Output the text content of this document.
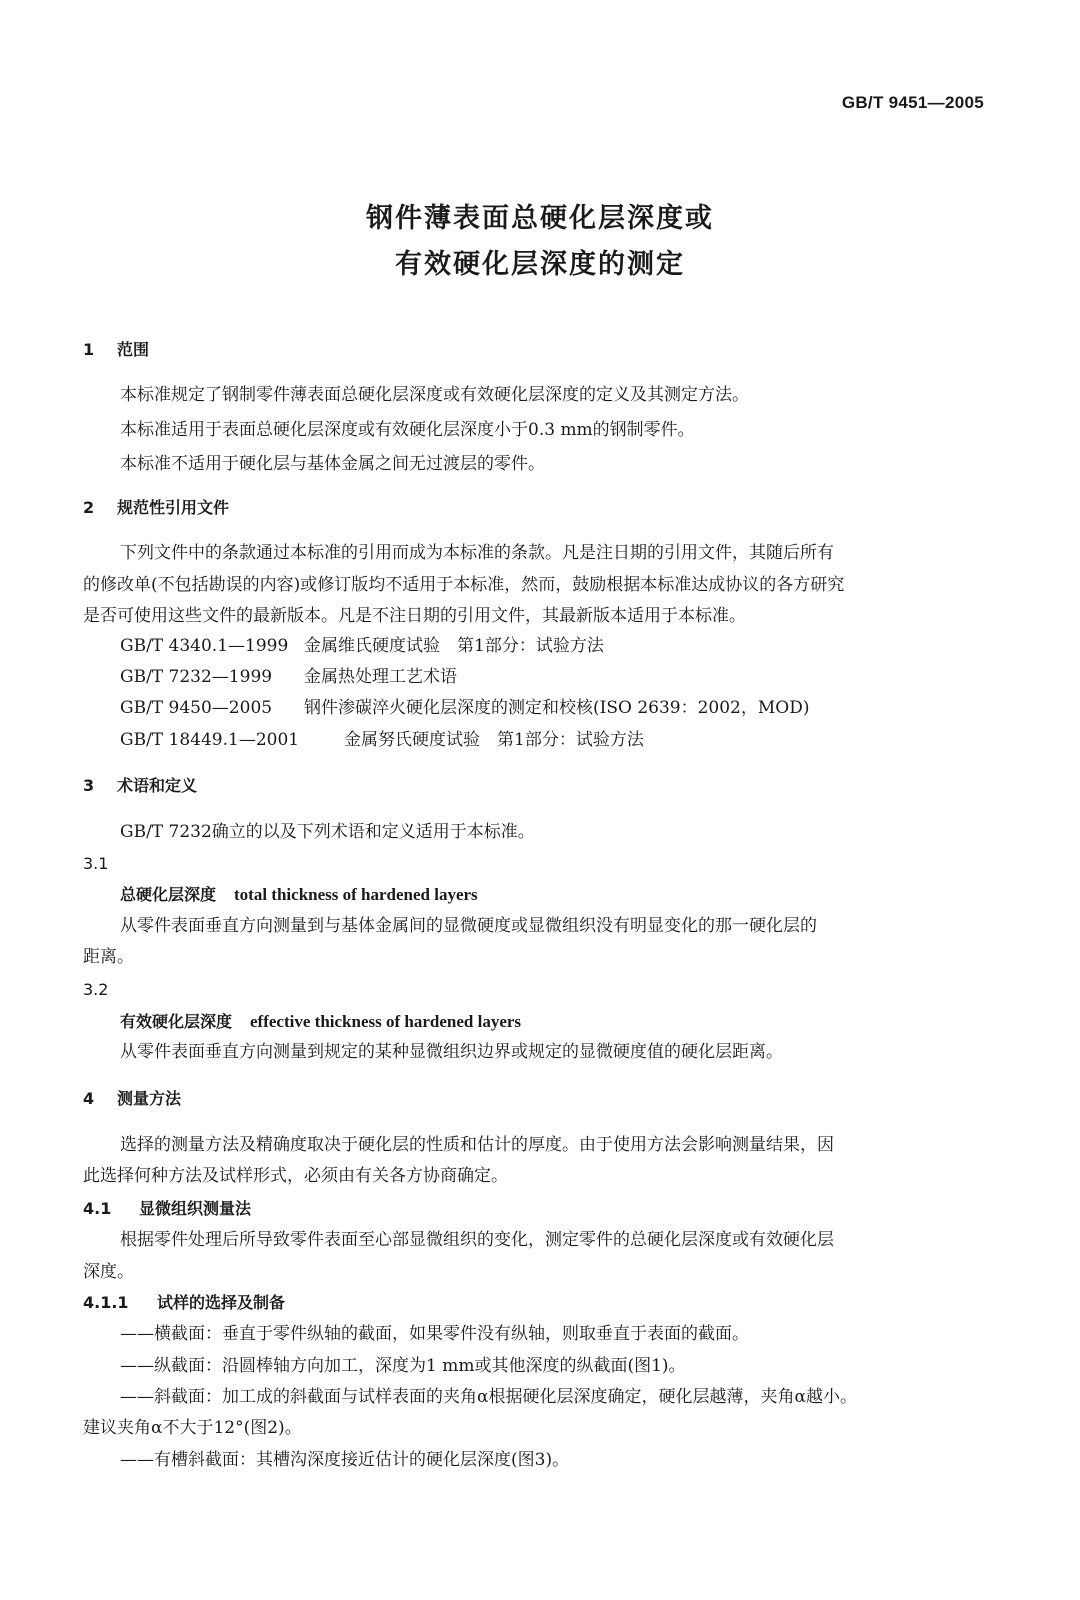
GB/T 9451—2005
钢件薄表面总硬化层深度或
有效硬化层深度的测定
1 范围
本标准规定了钢制零件薄表面总硬化层深度或有效硬化层深度的定义及其测定方法。
本标准适用于表面总硬化层深度或有效硬化层深度小于0.3 mm的钢制零件。
本标准不适用于硬化层与基体金属之间无过渡层的零件。
2 规范性引用文件
下列文件中的条款通过本标准的引用而成为本标准的条款。凡是注日期的引用文件，其随后所有
的修改单(不包括勘误的内容)或修订版均不适用于本标准，然而，鼓励根据本标准达成协议的各方研究
是否可使用这些文件的最新版本。凡是不注日期的引用文件，其最新版本适用于本标准。
GB/T 4340.1—1999 金属维氏硬度试验　第1部分：试验方法
GB/T 7232—1999 金属热处理工艺术语
GB/T 9450—2005 钢件渗碳淬火硬化层深度的测定和校核(ISO 2639：2002，MOD)
GB/T 18449.1—2001	金属努氏硬度试验　第1部分：试验方法
3 术语和定义
GB/T 7232确立的以及下列术语和定义适用于本标准。
3.1
总硬化层深度 total thickness of hardened layers
从零件表面垂直方向测量到与基体金属间的显微硬度或显微组织没有明显变化的那一硬化层的
距离。
3.2
有效硬化层深度 effective thickness of hardened layers
从零件表面垂直方向测量到规定的某种显微组织边界或规定的显微硬度值的硬化层距离。
4 测量方法
选择的测量方法及精确度取决于硬化层的性质和估计的厚度。由于使用方法会影响测量结果，因
此选择何种方法及试样形式，必须由有关各方协商确定。
4.1 显微组织测量法
根据零件处理后所导致零件表面至心部显微组织的变化，测定零件的总硬化层深度或有效硬化层
深度。
4.1.1 试样的选择及制备
——横截面：垂直于零件纵轴的截面，如果零件没有纵轴，则取垂直于表面的截面。
——纵截面：沿圆棒轴方向加工，深度为1 mm或其他深度的纵截面(图1)。
——斜截面：加工成的斜截面与试样表面的夹角α根据硬化层深度确定，硬化层越薄，夹角α越小。
建议夹角α不大于12°(图2)。
——有槽斜截面：其槽沟深度接近估计的硬化层深度(图3)。
